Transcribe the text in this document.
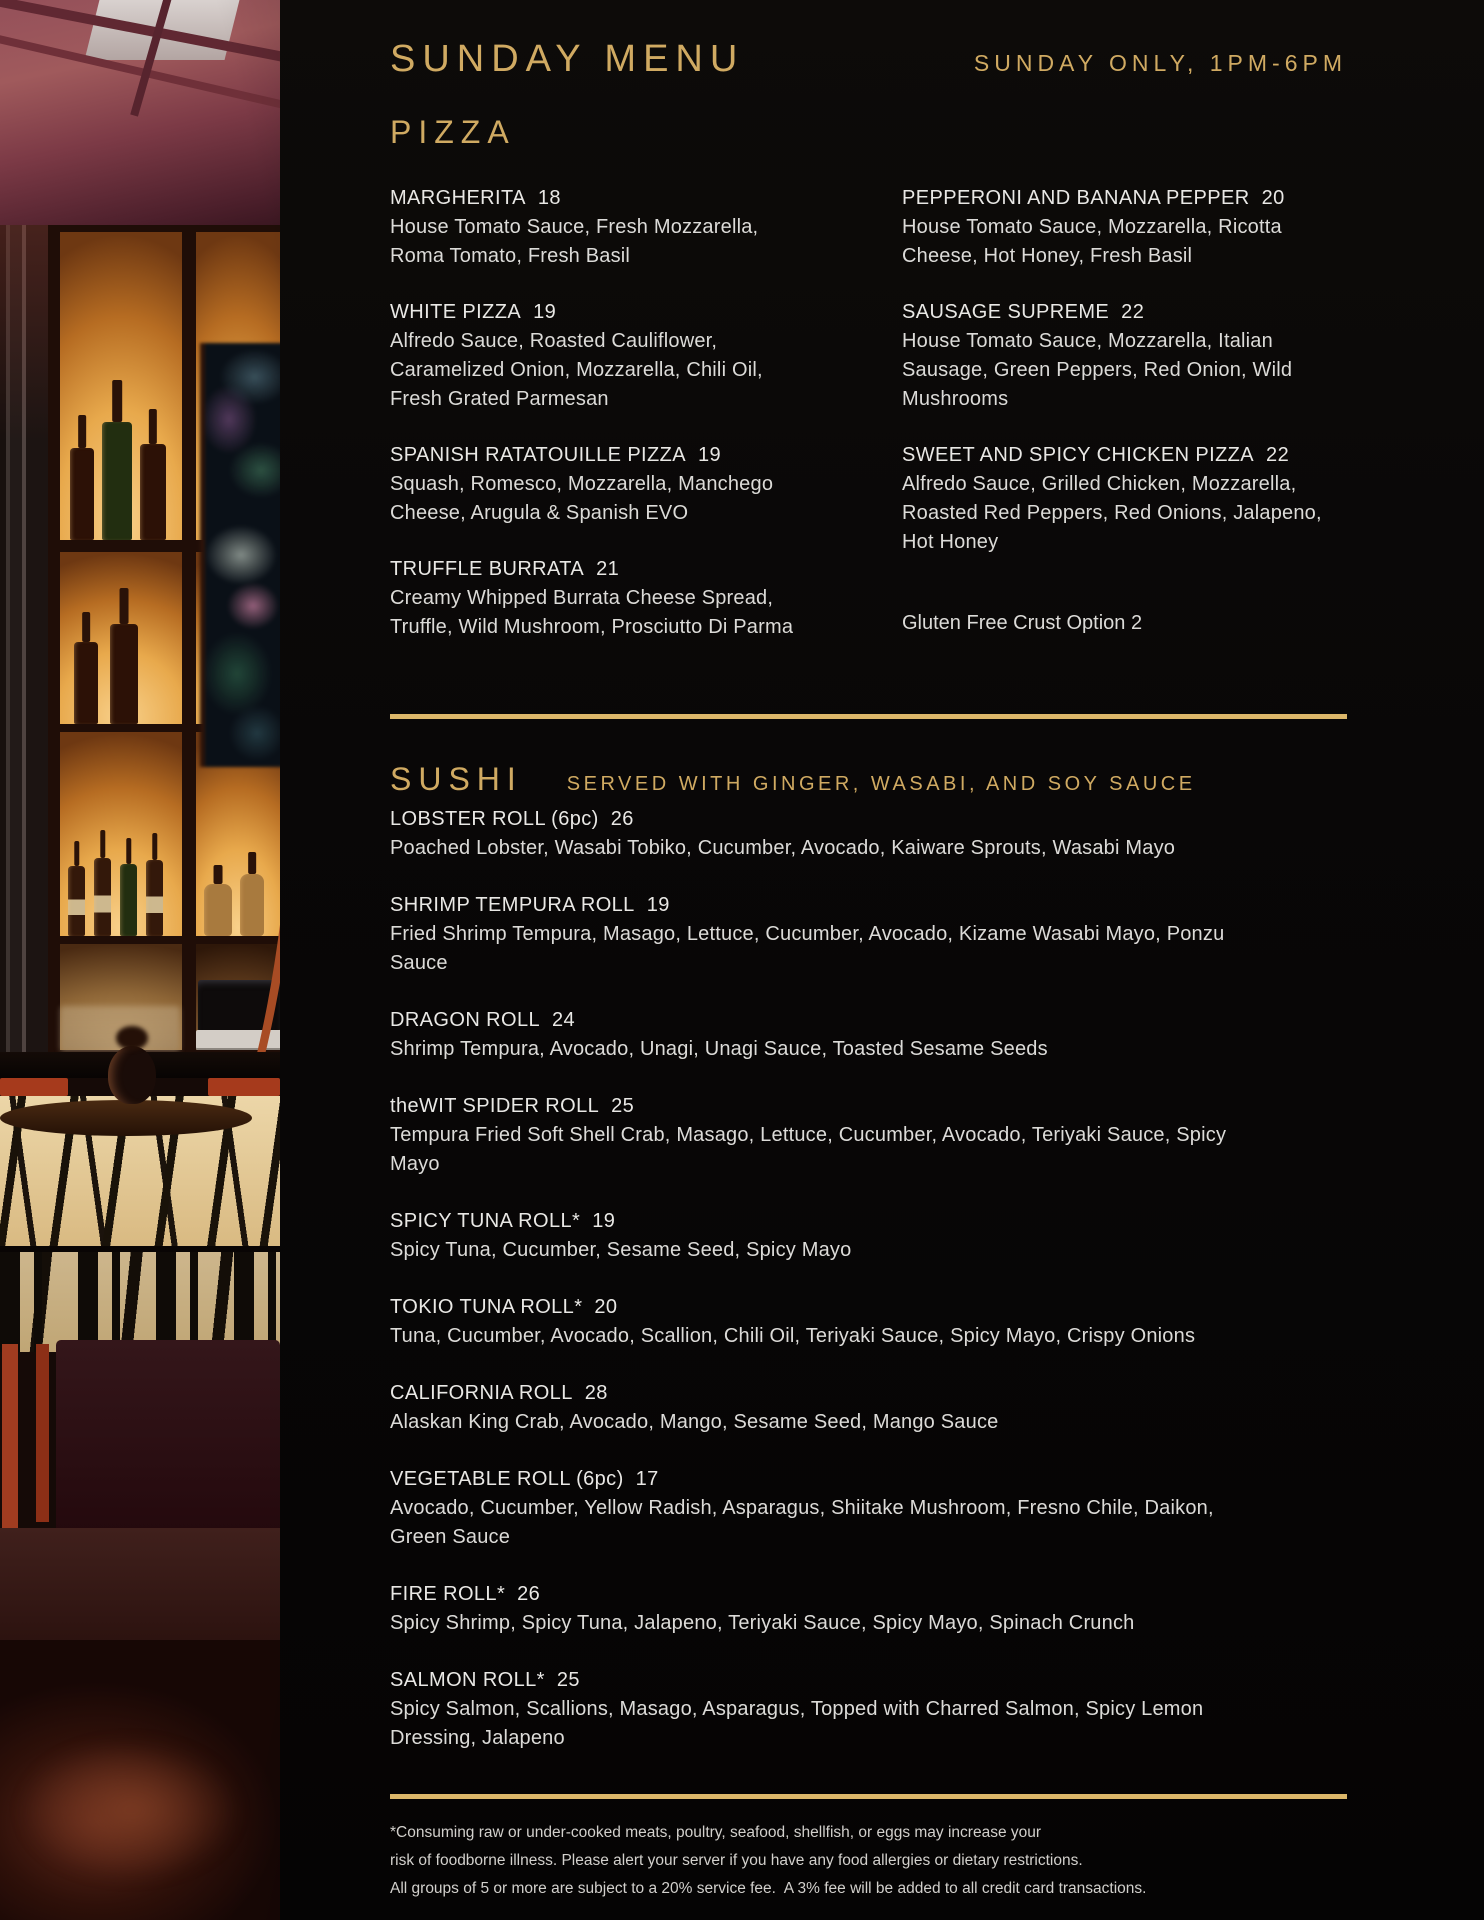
SUNDAY MENU	SUNDAY ONLY, 1PM-6PM
PIZZA
MARGHERITA 18
House Tomato Sauce, Fresh Mozzarella,
Roma Tomato, Fresh Basil
WHITE PIZZA 19
Alfredo Sauce, Roasted Cauliflower,
Caramelized Onion, Mozzarella, Chili Oil,
Fresh Grated Parmesan
SPANISH RATATOUILLE PIZZA 19
Squash, Romesco, Mozzarella, Manchego
Cheese, Arugula & Spanish EVO
TRUFFLE BURRATA 21
Creamy Whipped Burrata Cheese Spread,
Truffle, Wild Mushroom, Prosciutto Di Parma
PEPPERONI AND BANANA PEPPER 20
House Tomato Sauce, Mozzarella, Ricotta
Cheese, Hot Honey, Fresh Basil
SAUSAGE SUPREME 22
House Tomato Sauce, Mozzarella, Italian
Sausage, Green Peppers, Red Onion, Wild
Mushrooms
SWEET AND SPICY CHICKEN PIZZA 22
Alfredo Sauce, Grilled Chicken, Mozzarella,
Roasted Red Peppers, Red Onions, Jalapeno,
Hot Honey
Gluten Free Crust Option 2
SUSHI SERVED WITH GINGER, WASABI, AND SOY SAUCE
LOBSTER ROLL (6pc) 26
Poached Lobster, Wasabi Tobiko, Cucumber, Avocado, Kaiware Sprouts, Wasabi Mayo
SHRIMP TEMPURA ROLL 19
Fried Shrimp Tempura, Masago, Lettuce, Cucumber, Avocado, Kizame Wasabi Mayo, Ponzu
Sauce
DRAGON ROLL 24
Shrimp Tempura, Avocado, Unagi, Unagi Sauce, Toasted Sesame Seeds
theWIT SPIDER ROLL 25
Tempura Fried Soft Shell Crab, Masago, Lettuce, Cucumber, Avocado, Teriyaki Sauce, Spicy
Mayo
SPICY TUNA ROLL* 19
Spicy Tuna, Cucumber, Sesame Seed, Spicy Mayo
TOKIO TUNA ROLL* 20
Tuna, Cucumber, Avocado, Scallion, Chili Oil, Teriyaki Sauce, Spicy Mayo, Crispy Onions
CALIFORNIA ROLL 28
Alaskan King Crab, Avocado, Mango, Sesame Seed, Mango Sauce
VEGETABLE ROLL (6pc) 17
Avocado, Cucumber, Yellow Radish, Asparagus, Shiitake Mushroom, Fresno Chile, Daikon,
Green Sauce
FIRE ROLL* 26
Spicy Shrimp, Spicy Tuna, Jalapeno, Teriyaki Sauce, Spicy Mayo, Spinach Crunch
SALMON ROLL* 25
Spicy Salmon, Scallions, Masago, Asparagus, Topped with Charred Salmon, Spicy Lemon
Dressing, Jalapeno
*Consuming raw or under-cooked meats, poultry, seafood, shellfish, or eggs may increase your
risk of foodborne illness. Please alert your server if you have any food allergies or dietary restrictions.
All groups of 5 or more are subject to a 20% service fee.  A 3% fee will be added to all credit card transactions.
